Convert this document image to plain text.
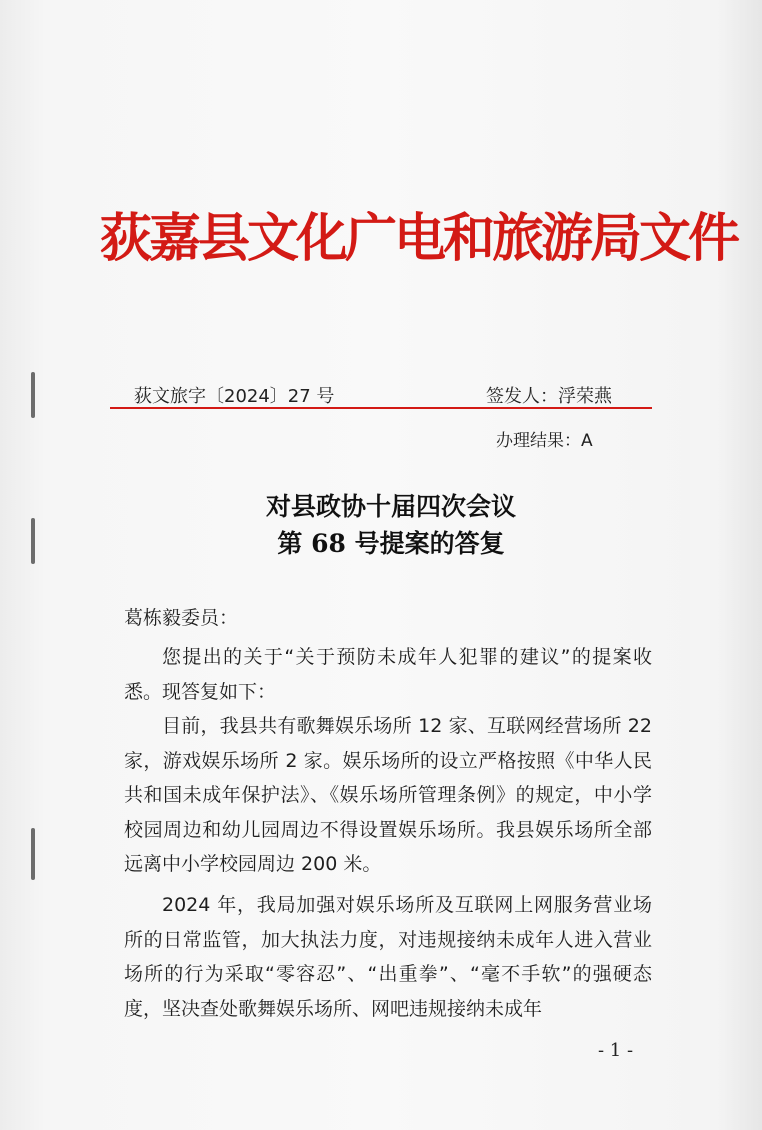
荻嘉县文化广电和旅游局文件
荻文旅字〔2024〕27 号	签发人：浮荣燕
办理结果：A
对县政协十届四次会议
第 68 号提案的答复
葛栋毅委员：

您提出的关于“关于预防未成年人犯罪的建议”的提案收悉。现答复如下：

目前，我县共有歌舞娱乐场所 12 家、互联网经营场所 22 家，游戏娱乐场所 2 家。娱乐场所的设立严格按照《中华人民共和国未成年保护法》、《娱乐场所管理条例》的规定，中小学校园周边和幼儿园周边不得设置娱乐场所。我县娱乐场所全部远离中小学校园周边 200 米。

2024 年，我局加强对娱乐场所及互联网上网服务营业场所的日常监管，加大执法力度，对违规接纳未成年人进入营业场所的行为采取“零容忍”、“出重拳”、“毫不手软”的强硬态度，坚决查处歌舞娱乐场所、网吧违规接纳未成年

- 1 -
